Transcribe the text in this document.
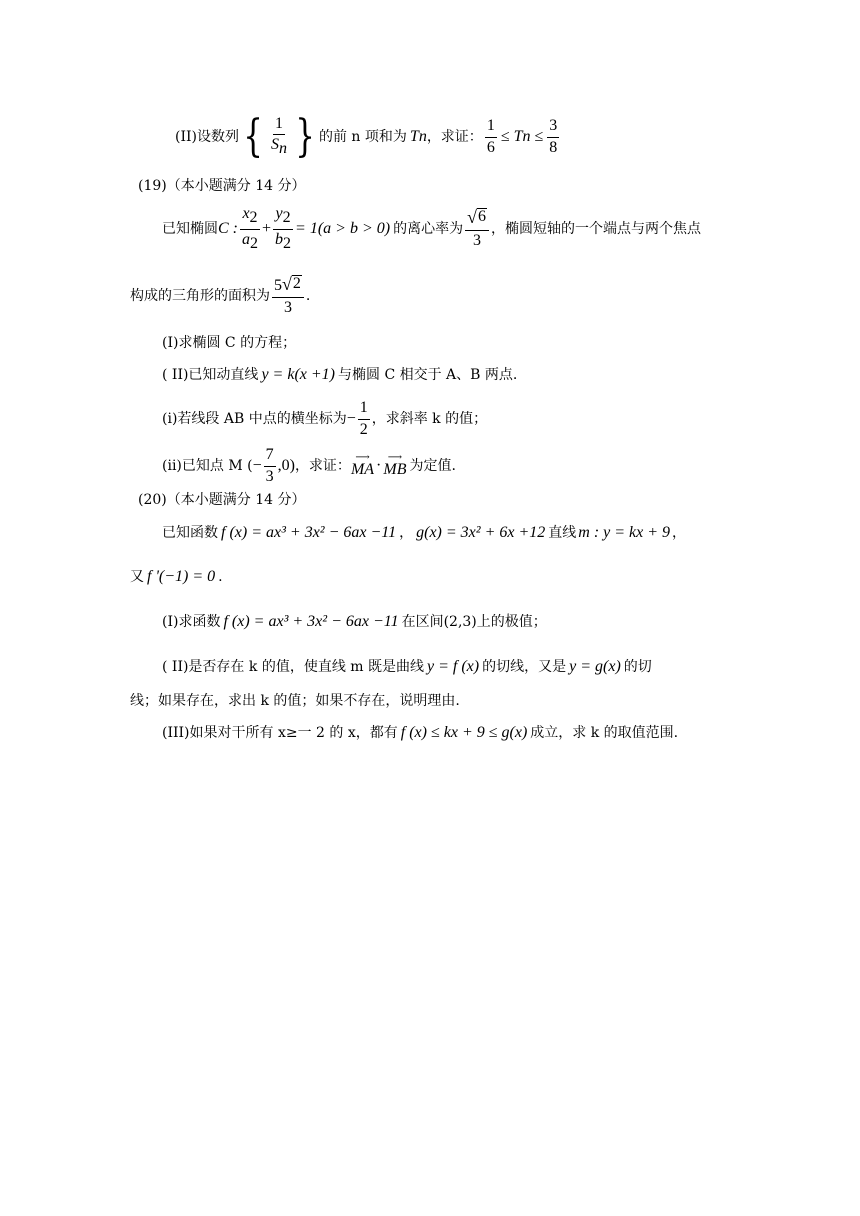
(II)设数列 { $\frac{1}{S_n}$ } 的前 n 项和为 T n ，求证： $\frac{1}{6} \le Tn \le \frac{3}{8}$
(19)（本小题满分 14 分）
已知椭圆 C : $\frac{x_2}{a_2} + \frac{y_2}{b_2} = 1(a > b > 0)$ 的离心率为 $\frac{√ 6}{3}$ ，椭圆短轴的一个端点与两个焦点
构成的三角形的面积为 $\frac{5 √ 2}{3}$ .
(I)求椭圆 C 的方程；
( II)已知动直线 y = k(x +1) 与椭圆 C 相交于 A、B 两点.
(i)若线段 AB 中点的横坐标为 − $\frac{1}{2}$ ，求斜率 k 的值；
(ii)已知点 M ( − $\frac{7}{3} ,0$) ，求证：
⟶
MA · ⟶
MB 为定值.
(20)（本小题满分 14 分）
已知函数 f (x) = ax³ + 3x² − 6ax −11 ， g(x) = 3x² + 6x +12 直线 m : y = kx + 9 ，
又 f '(−1) = 0 .
(I)求函数 f (x) = ax³ + 3x² − 6ax −11 在区间(2,3)上的极值；
( II)是否存在 k 的值，使直线 m 既是曲线 y = f (x) 的切线，又是 y = g(x) 的切
线；如果存在，求出 k 的值；如果不存在，说明理由.
(III)如果对干所有 x≥一 2 的 x，都有 f (x) ≤ kx + 9 ≤ g(x) 成立，求 k 的取值范围.
